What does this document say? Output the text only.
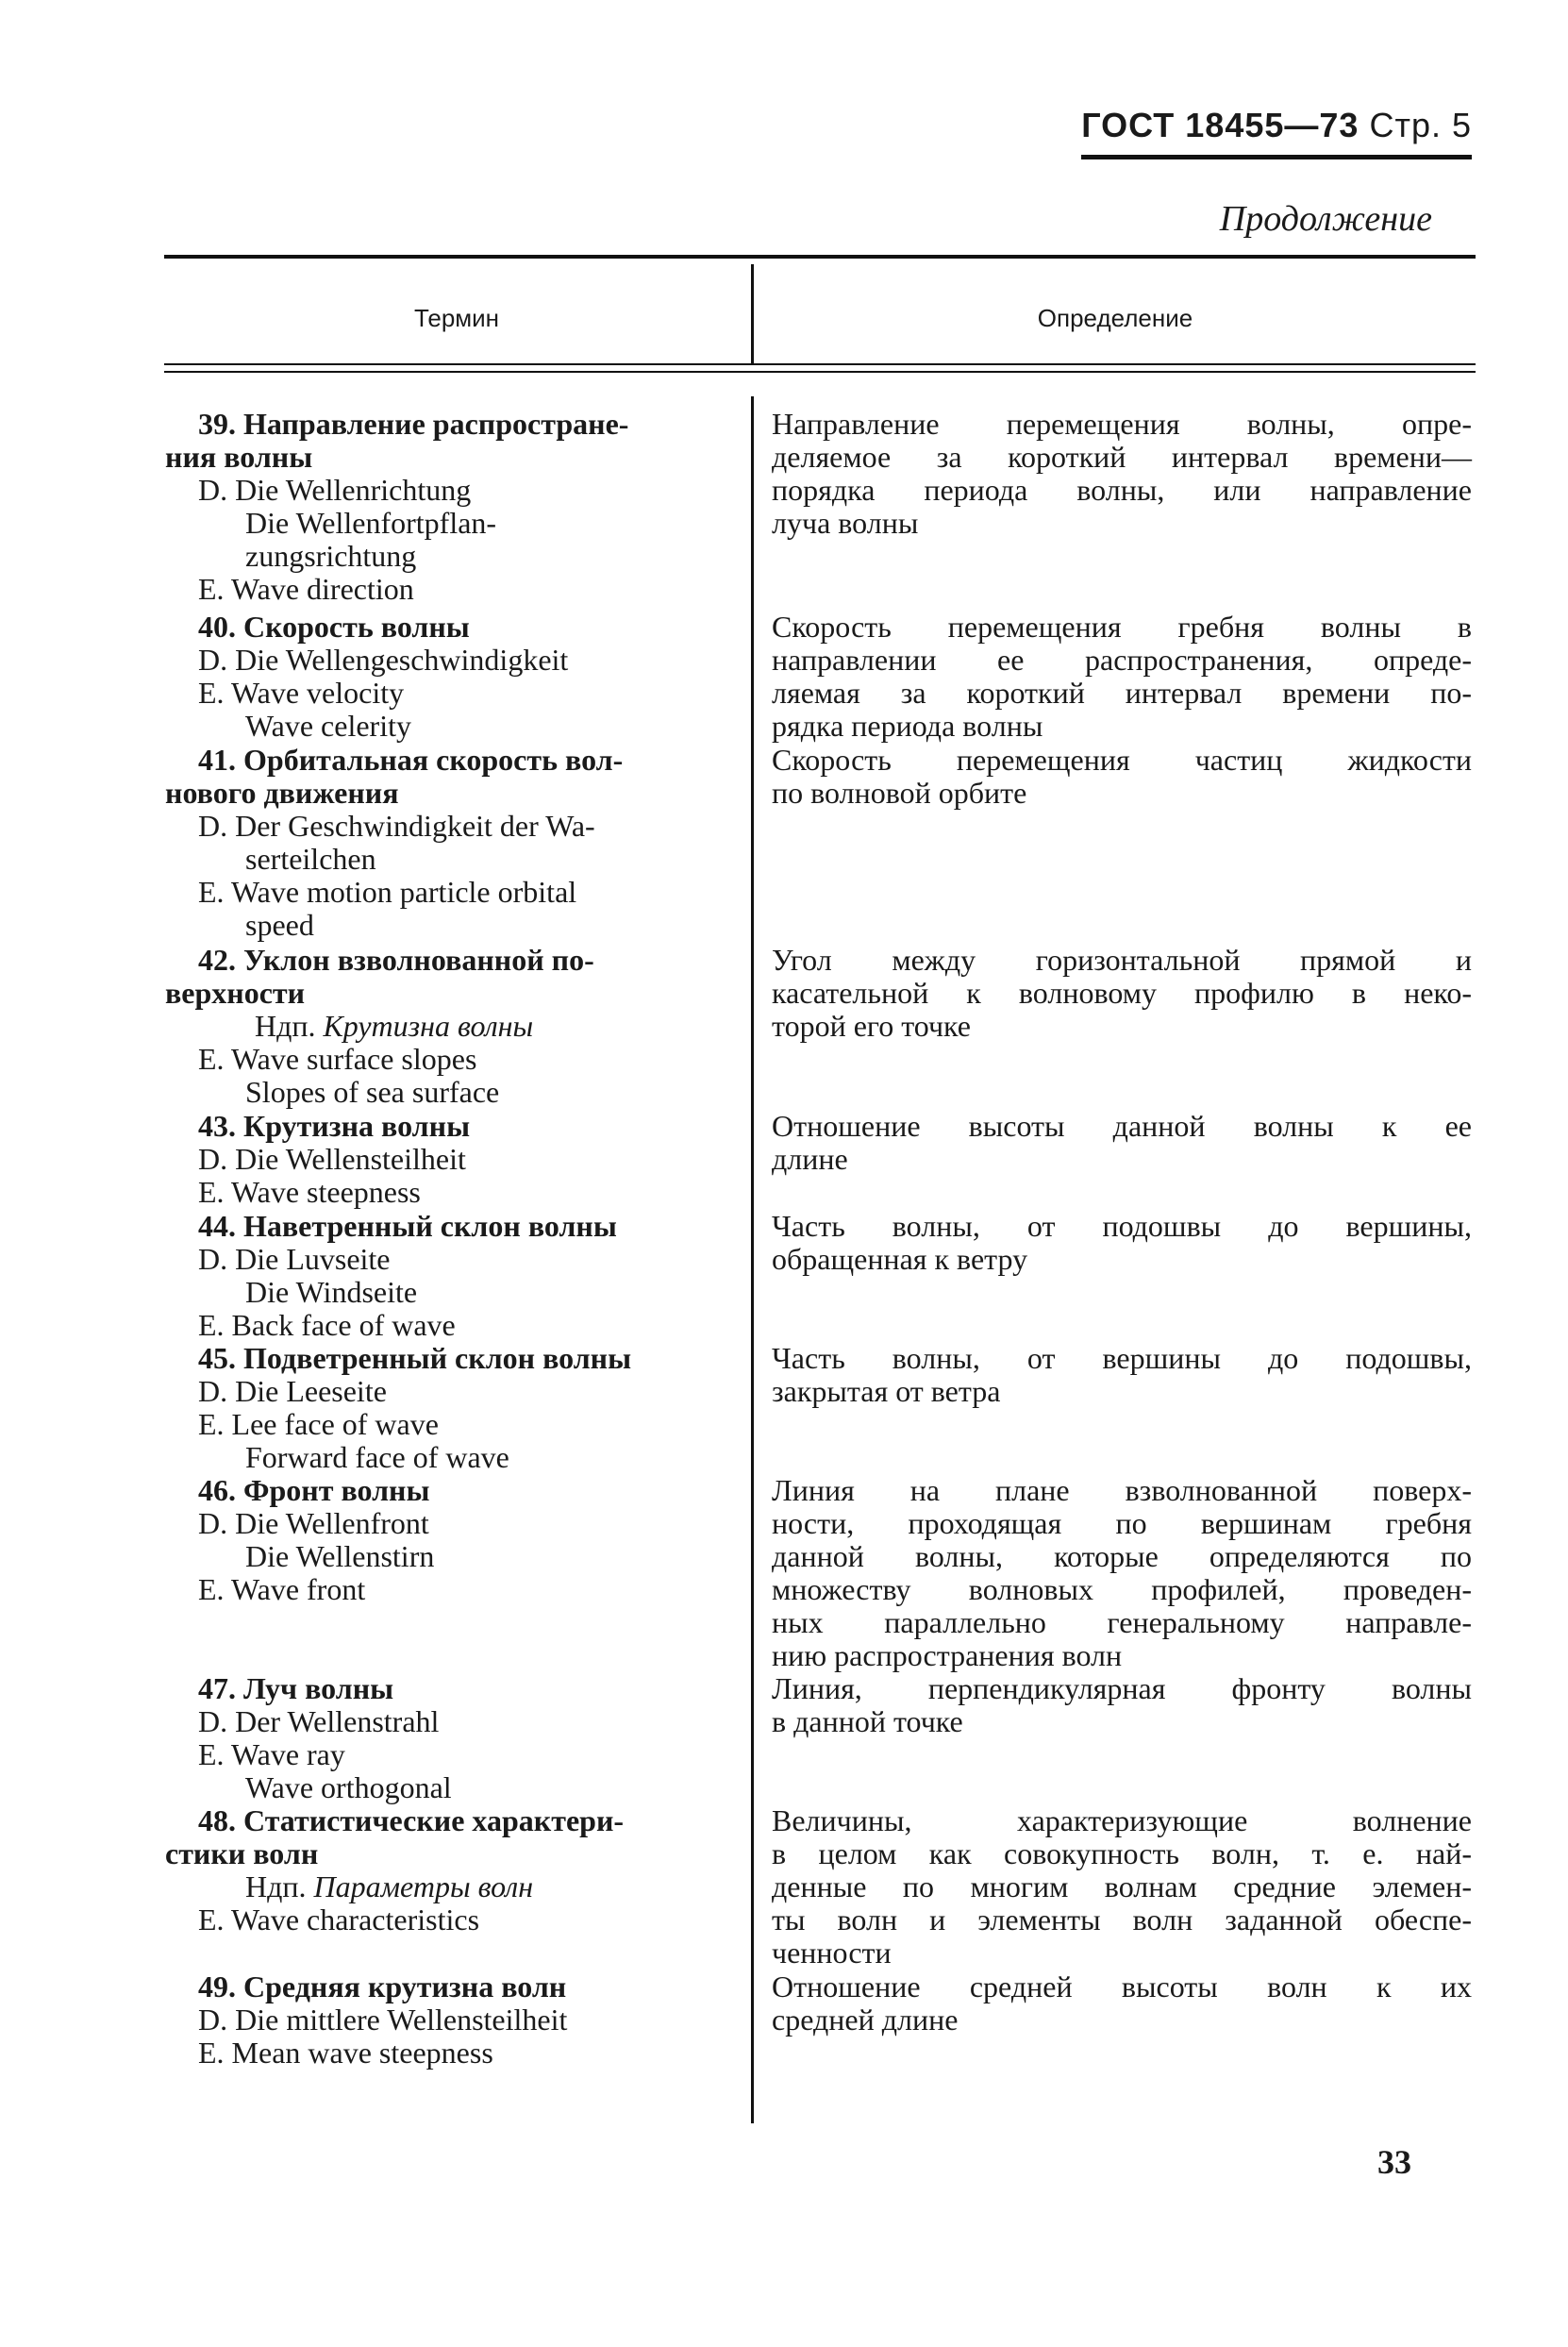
ГОСТ 18455—73 Стр. 5
Продолжение
Термин	Определение
39. Направление распростране-
ния волны
D. Die Wellenrichtung
Die Wellenfortpflan-
zungsrichtung
E. Wave direction
Направление перемещения волны, опре-
деляемое за короткий интервал времени—
порядка периода волны, или направление
луча волны
40. Скорость волны
D. Die Wellengeschwindigkeit
E. Wave velocity
Wave celerity
Скорость перемещения гребня волны в
направлении ее распространения, опреде-
ляемая за короткий интервал времени по-
рядка периода волны
41. Орбитальная скорость вол-
нового движения
D. Der Geschwindigkeit der Wa-
serteilchen
E. Wave motion particle orbital
speed
Скорость перемещения частиц жидкости
по волновой орбите
42. Уклон взволнованной по-
верхности
Ндп. Крутизна волны
E. Wave surface slopes
Slopes of sea surface
Угол между горизонтальной прямой и
касательной к волновому профилю в неко-
торой его точке
43. Крутизна волны
D. Die Wellensteilheit
E. Wave steepness
Отношение высоты данной волны к ее
длине
44. Наветренный склон волны
D. Die Luvseite
Die Windseite
E. Back face of wave
Часть волны, от подошвы до вершины,
обращенная к ветру
45. Подветренный склон волны
D. Die Leeseite
E. Lee face of wave
Forward face of wave
Часть волны, от вершины до подошвы,
закрытая от ветра
46. Фронт волны
D. Die Wellenfront
Die Wellenstirn
E. Wave front
Линия на плане взволнованной поверх-
ности, проходящая по вершинам гребня
данной волны, которые определяются по
множеству волновых профилей, проведен-
ных параллельно генеральному направле-
нию распространения волн
47. Луч волны
D. Der Wellenstrahl
E. Wave ray
Wave orthogonal
Линия, перпендикулярная фронту волны
в данной точке
48. Статистические характери-
стики волн
Ндп. Параметры волн
E. Wave characteristics
Величины, характеризующие волнение
в целом как совокупность волн, т. е. най-
денные по многим волнам средние элемен-
ты волн и элементы волн заданной обеспе-
ченности
49. Средняя крутизна волн
D. Die mittlere Wellensteilheit
E. Mean wave steepness
Отношение средней высоты волн к их
средней длине
33
